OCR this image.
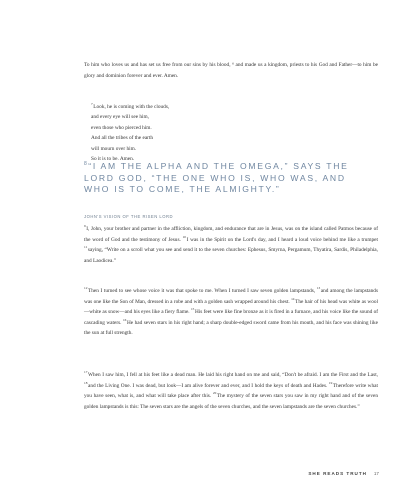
To him who loves us and has set us free from our sins by his blood, ⁶ and made us a kingdom, priests to his God and Father—to him be glory and dominion forever and ever. Amen.

$^7$Look, he is coming with the clouds,
and every eye will see him,
even those who pierced him.
And all the tribes of the earth
will mourn over him.
So it is to be. Amen.

$^8$ “I AM THE ALPHA AND THE OMEGA,” SAYS THE LORD GOD, “THE ONE WHO IS, WHO WAS, AND WHO IS TO COME, THE ALMIGHTY.”

JOHN'S VISION OF THE RISEN LORD

$^9$I, John, your brother and partner in the affliction, kingdom, and endurance that are in Jesus, was on the island called Patmos because of the word of God and the testimony of Jesus. $^{10}$I was in the Spirit on the Lord's day, and I heard a loud voice behind me like a trumpet $^{11}$saying, “Write on a scroll what you see and send it to the seven churches: Ephesus, Smyrna, Pergamum, Thyatira, Sardis, Philadelphia, and Laodicea.”

$^{12}$Then I turned to see whose voice it was that spoke to me. When I turned I saw seven golden lampstands, $^{13}$and among the lampstands was one like the Son of Man, dressed in a robe and with a golden sash wrapped around his chest. $^{14}$The hair of his head was white as wool—white as snow—and his eyes like a fiery flame. $^{15}$His feet were like fine bronze as it is fired in a furnace, and his voice like the sound of cascading waters. $^{16}$He had seven stars in his right hand; a sharp double-edged sword came from his mouth, and his face was shining like the sun at full strength.

$^{17}$When I saw him, I fell at his feet like a dead man. He laid his right hand on me and said, “Don't be afraid. I am the First and the Last, $^{18}$and the Living One. I was dead, but look—I am alive forever and ever, and I hold the keys of death and Hades. $^{19}$Therefore write what you have seen, what is, and what will take place after this. $^{20}$The mystery of the seven stars you saw in my right hand and of the seven golden lampstands is this: The seven stars are the angels of the seven churches, and the seven lampstands are the seven churches.”

SHE READS TRUTH 17
